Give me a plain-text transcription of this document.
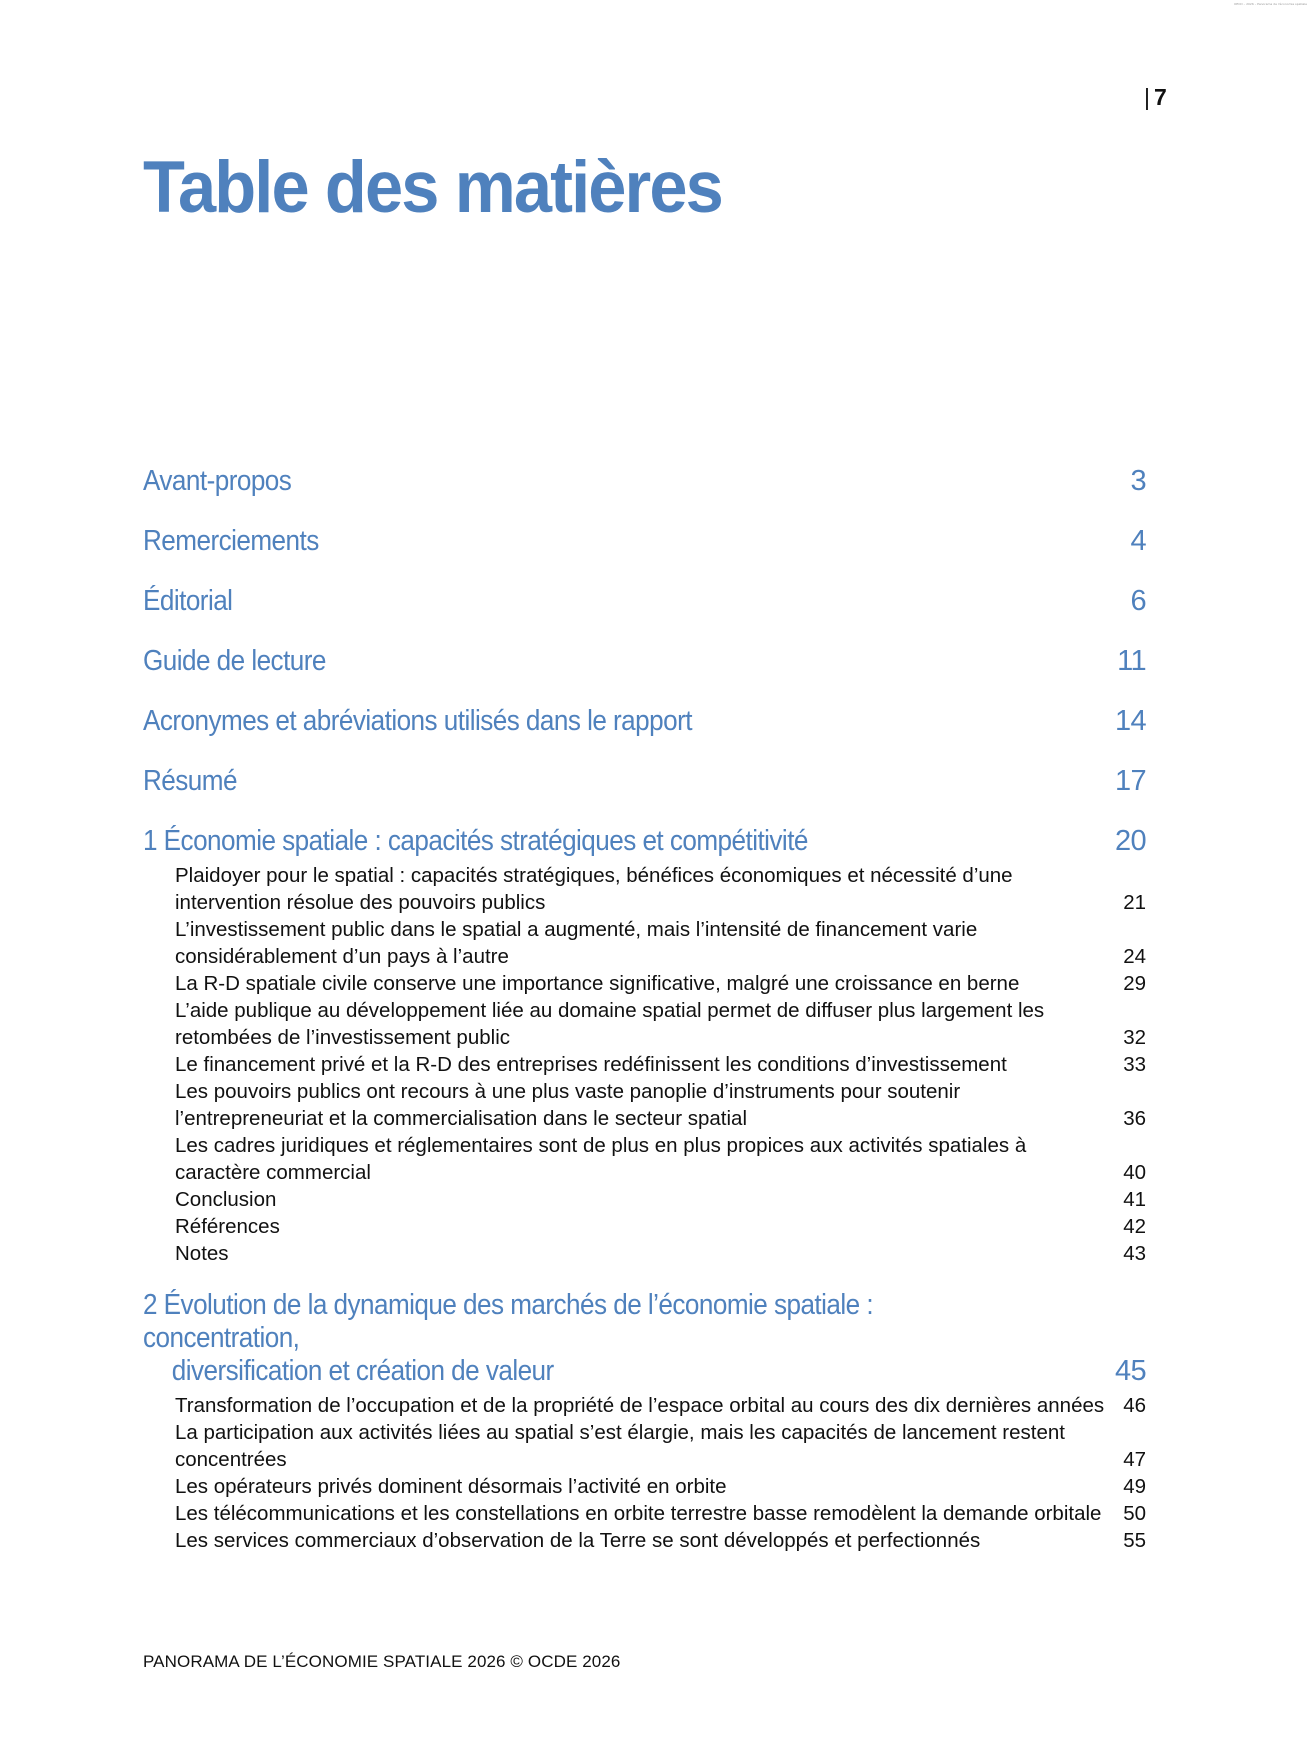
OECD – 2026 – Panorama de l'économie spatiale
| 7
Table des matières
Avant-propos	3
Remerciements	4
Éditorial	6
Guide de lecture	11
Acronymes et abréviations utilisés dans le rapport	14
Résumé	17
1 Économie spatiale : capacités stratégiques et compétitivité	20
Plaidoyer pour le spatial : capacités stratégiques, bénéfices économiques et nécessité d’une intervention résolue des pouvoirs publics	21
L’investissement public dans le spatial a augmenté, mais l’intensité de financement varie considérablement d’un pays à l’autre	24
La R-D spatiale civile conserve une importance significative, malgré une croissance en berne	29
L’aide publique au développement liée au domaine spatial permet de diffuser plus largement les retombées de l’investissement public	32
Le financement privé et la R-D des entreprises redéfinissent les conditions d’investissement	33
Les pouvoirs publics ont recours à une plus vaste panoplie d’instruments pour soutenir l’entrepreneuriat et la commercialisation dans le secteur spatial	36
Les cadres juridiques et réglementaires sont de plus en plus propices aux activités spatiales à caractère commercial	40
Conclusion	41
Références	42
Notes	43
2 Évolution de la dynamique des marchés de l’économie spatiale : concentration,
diversification et création de valeur	45
Transformation de l’occupation et de la propriété de l’espace orbital au cours des dix dernières années 46
La participation aux activités liées au spatial s’est élargie, mais les capacités de lancement restent concentrées	47
Les opérateurs privés dominent désormais l’activité en orbite	49
Les télécommunications et les constellations en orbite terrestre basse remodèlent la demande orbitale	50
Les services commerciaux d’observation de la Terre se sont développés et perfectionnés	55
PANORAMA DE L’ÉCONOMIE SPATIALE 2026 © OCDE 2026
